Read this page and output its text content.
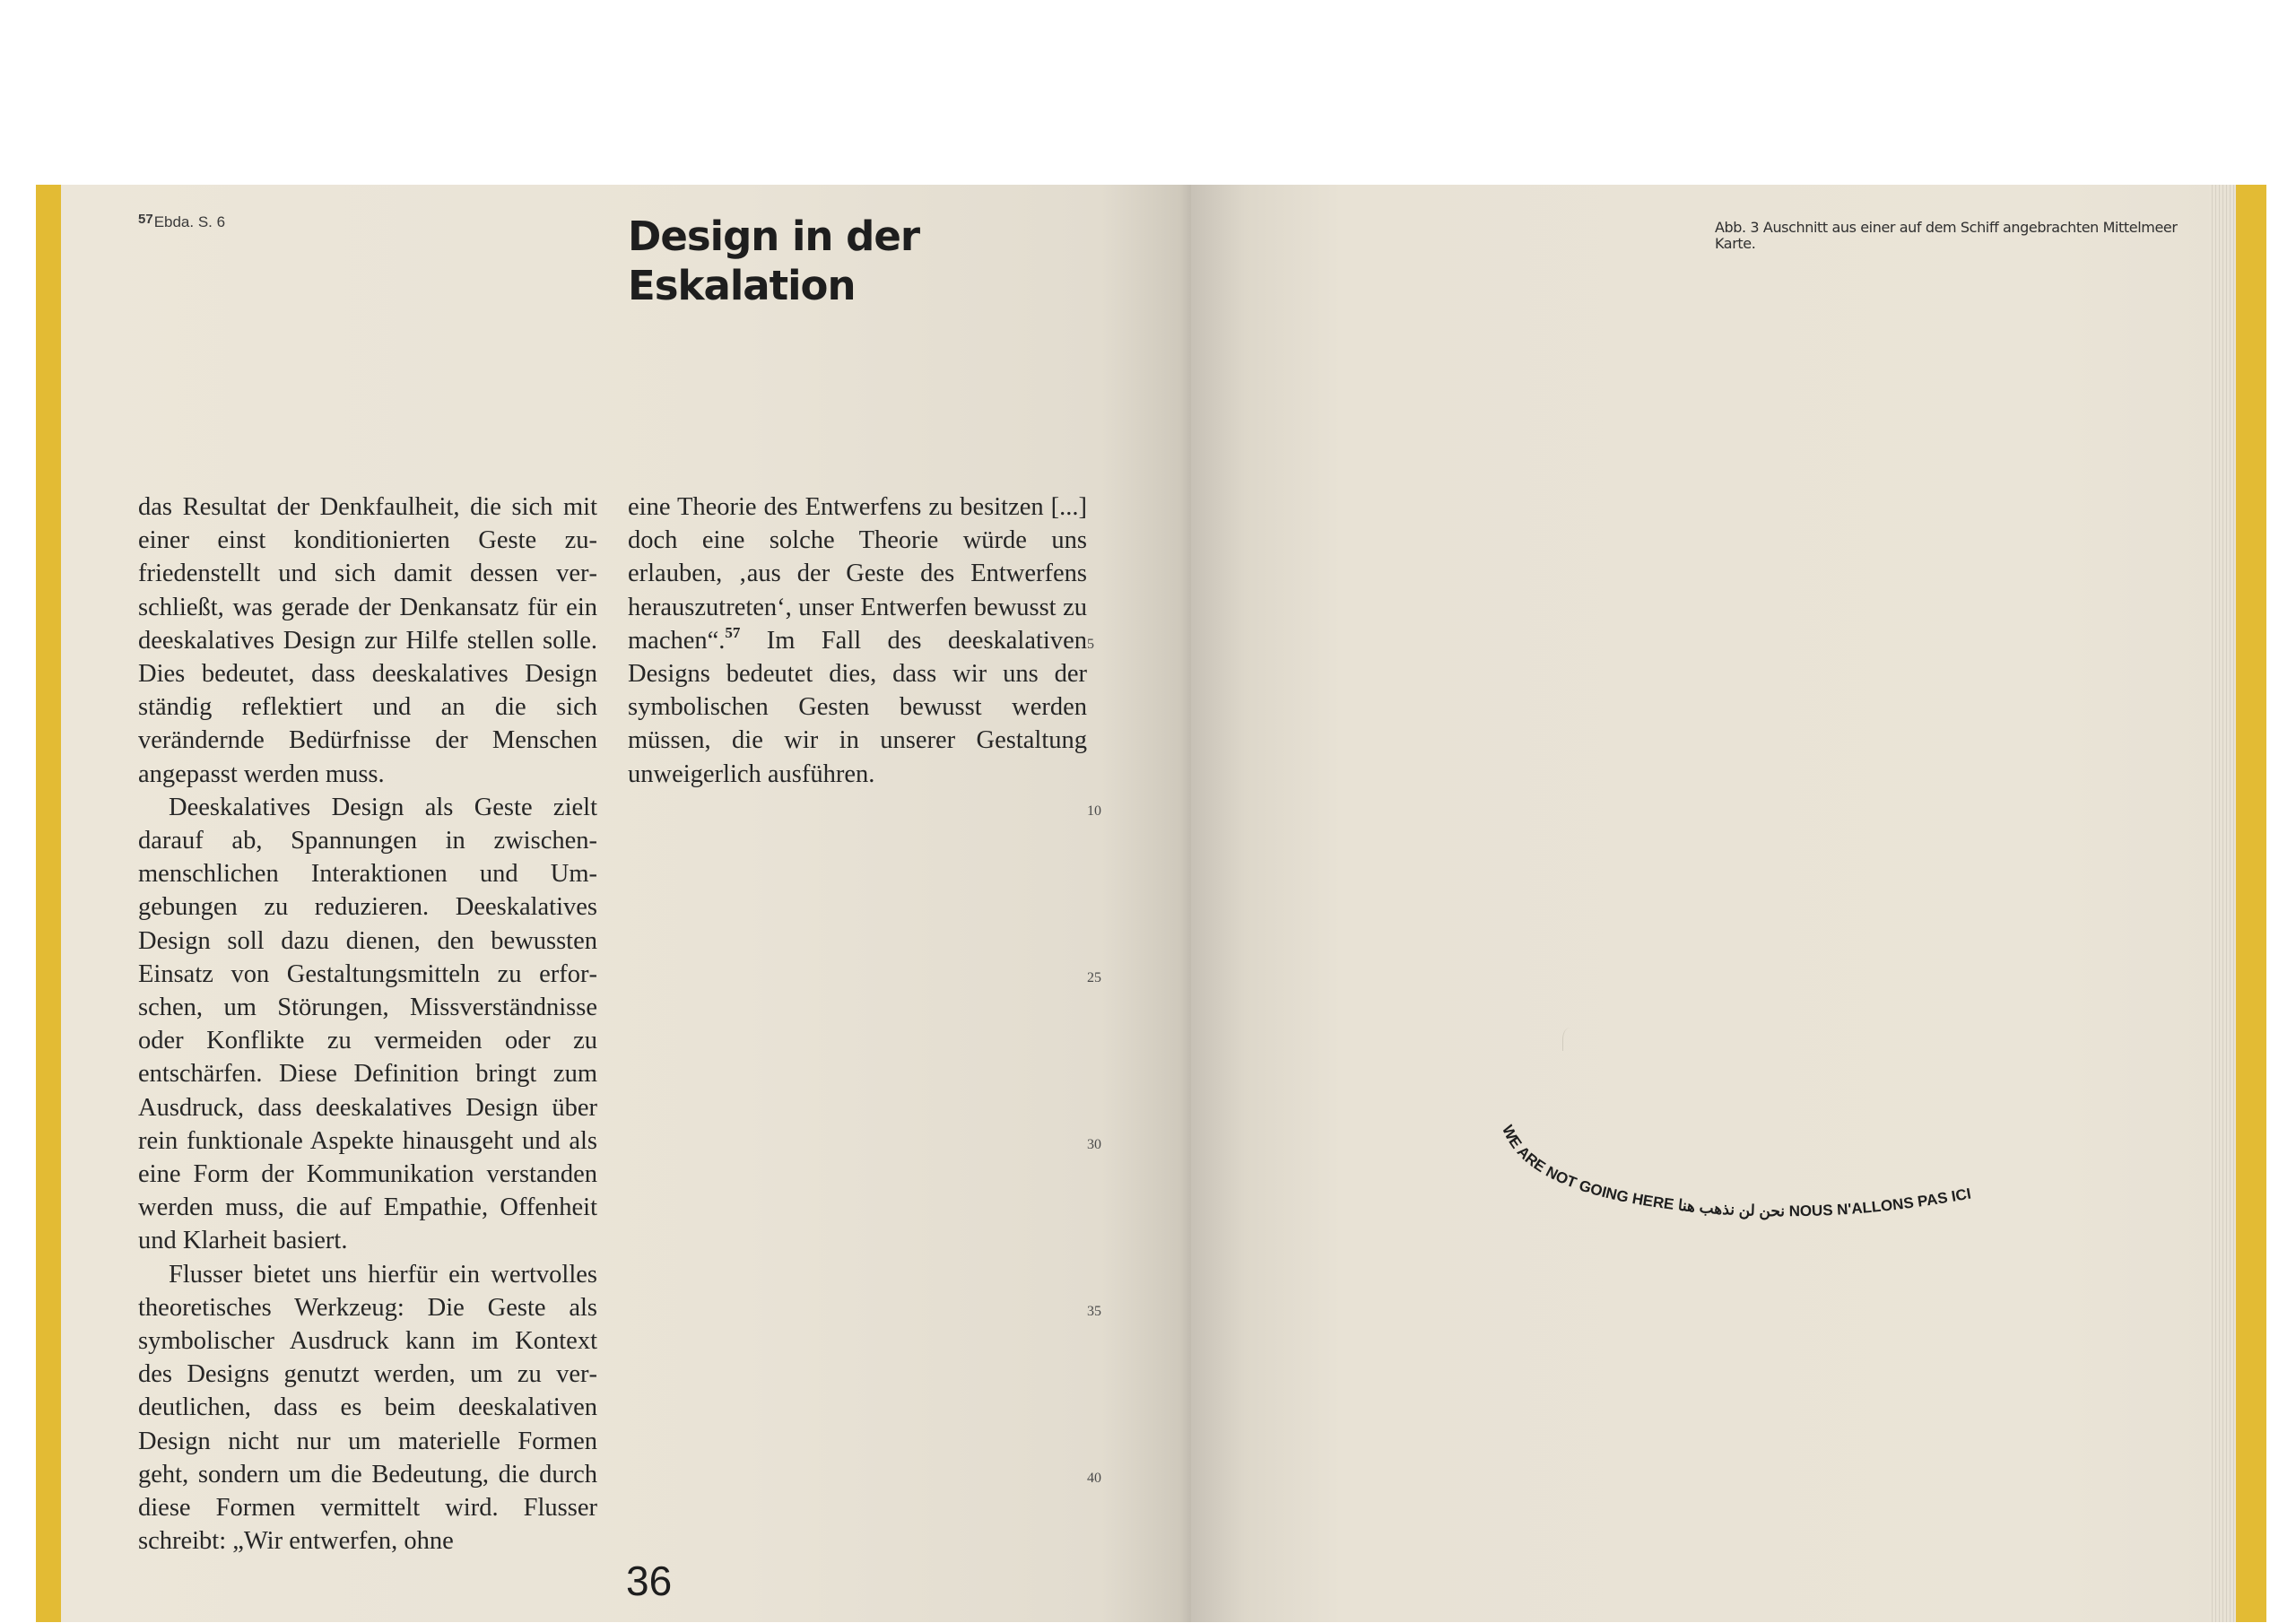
$^{57}$Ebda. S. 6	Design in der
Eskalation

das Resultat der Denkfaulheit, die sich mit einer einst konditionierten Geste zufriedenstellt und sich damit dessen verschließt, was gerade der Denkansatz für ein deeskalatives Design zur Hilfe stellen solle. Dies bedeutet, dass deeskalatives Design ständig reflektiert und an die sich verändernde Bedürfnisse der Menschen angepasst werden muss.

Deeskalatives Design als Geste zielt darauf ab, Spannungen in zwischenmenschlichen Interaktionen und Umgebungen zu reduzieren. Deeskalatives Design soll dazu dienen, den bewussten Einsatz von Gestaltungsmitteln zu erforschen, um Störungen, Missverständnisse oder Konflikte zu vermeiden oder zu entschärfen. Diese Definition bringt zum Ausdruck, dass deeskalatives Design über rein funktionale Aspekte hinausgeht und als eine Form der Kommunikation verstanden werden muss, die auf Empathie, Offenheit und Klarheit basiert.

Flusser bietet uns hierfür ein wertvolles theoretisches Werkzeug: Die Geste als symbolischer Ausdruck kann im Kontext des Designs genutzt werden, um zu verdeutlichen, dass es beim deeskalativen Design nicht nur um materielle Formen geht, sondern um die Bedeutung, die durch diese Formen vermittelt wird. Flusser schreibt: „Wir entwerfen, ohne

eine Theorie des Entwerfens zu besitzen [...] doch eine solche Theorie würde uns erlauben, ‚aus der Geste des Entwerfens herauszutreten‘, unser Entwerfen bewusst zu machen“.$^{57}$ Im Fall des deeskalativen Designs bedeutet dies, dass wir uns der symbolischen Gesten bewusst werden müssen, die wir in unserer Gestaltung unweigerlich ausführen.

5
10
25
30
35
40
36
Abb. 3 Auschnitt aus einer auf dem Schiff angebrachten Mittelmeer Karte.
WE ARE NOT GOING HERE نحن لن نذهب هنا NOUS N'ALLONS PAS ICI
